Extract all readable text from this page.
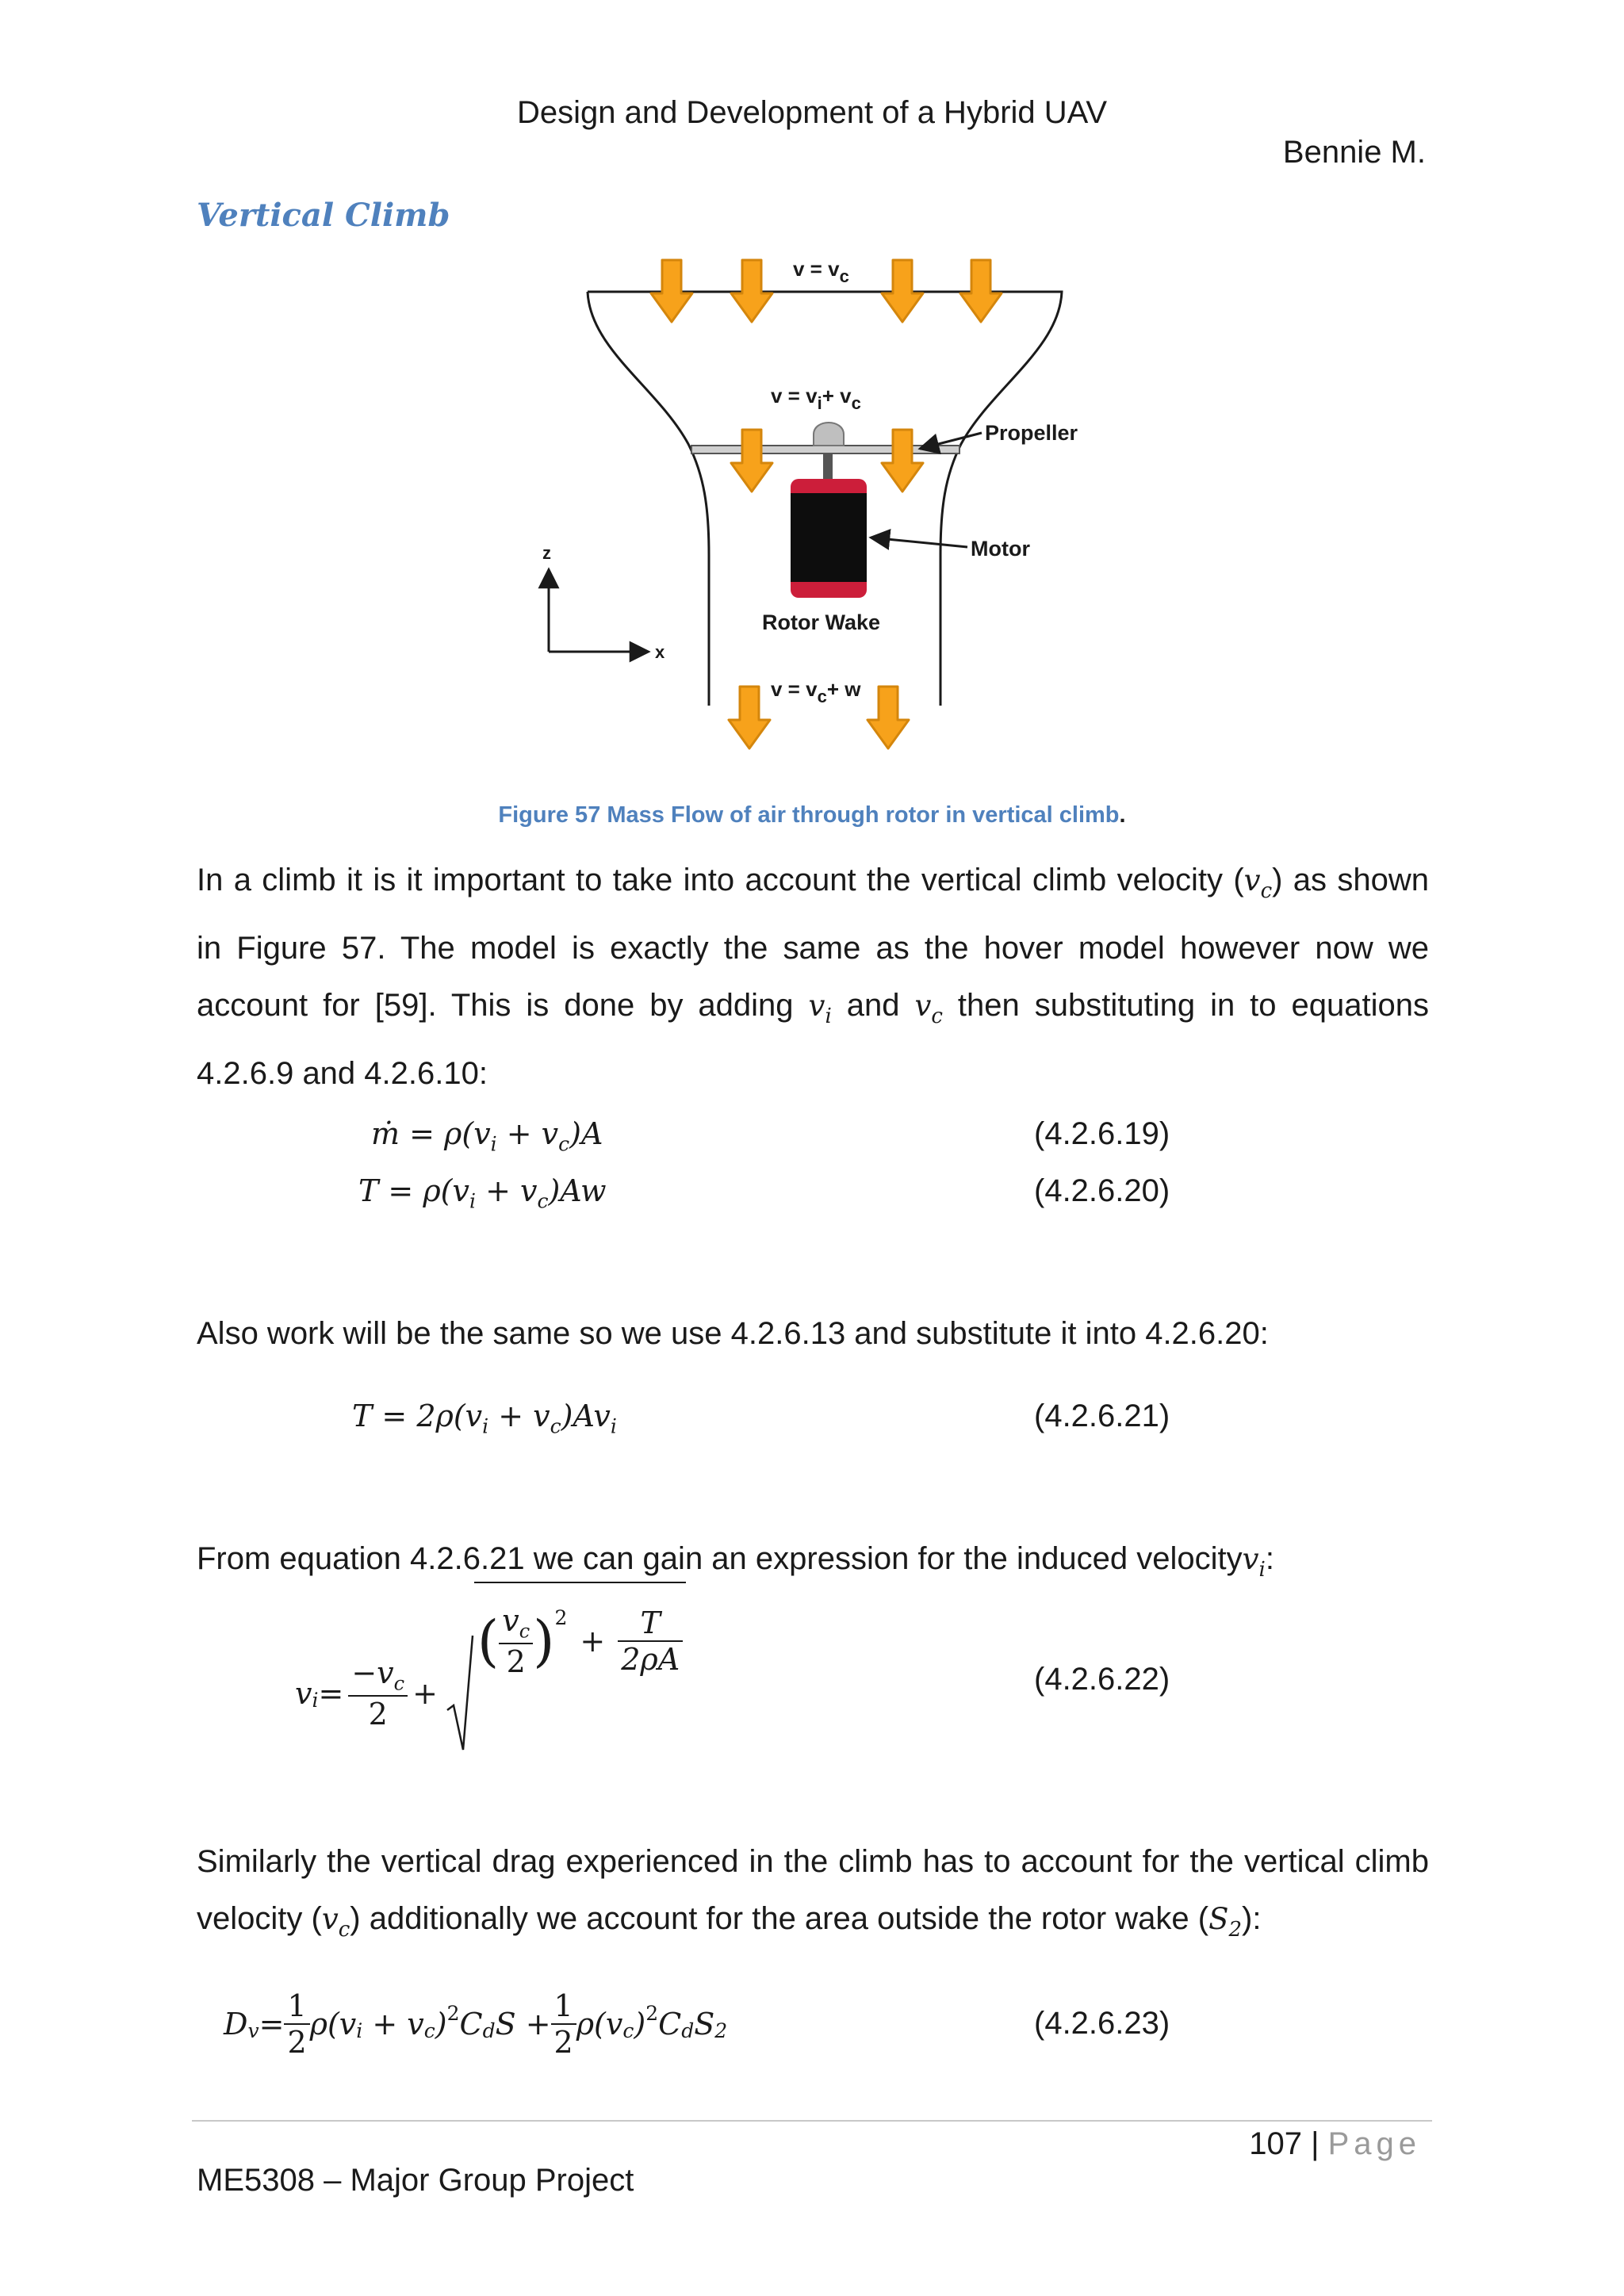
Design and Development of a Hybrid UAV
Bennie M.
Vertical Climb
$v = v_c$
$v = v_i+ v_c$
Propeller
Motor
Rotor Wake
z
x
$v = v_c+ w$
Figure 57 Mass Flow of air through rotor in vertical climb.
In a climb it is it important to take into account the vertical climb velocity $(v_c)$ as shown in Figure 57. The model is exactly the same as the hover model however now we account for [59]. This is done by adding $v_i$ and $v_c$ then substituting in to equations 4.2.6.9 and 4.2.6.10:
ṁ = $\rho(v_i + v_c)A$	(4.2.6.19)
$T = \rho(v_i + v_c)Aw$	(4.2.6.20)
Also work will be the same so we use 4.2.6.13 and substitute it into 4.2.6.20:
$T = 2\rho(v_i + v_c)Av_i$	(4.2.6.21)
From equation 4.2.6.21 we can gain an expression for the induced velocityv$_i$:
$v_i = \frac{-v_c}{2}$ +
( $\frac{v_c}{2} )^2$
+ $\frac{T}{2\rho A}$
(4.2.6.22)
Similarly the vertical drag experienced in the climb has to account for the vertical climb velocity $(v_c)$ additionally we account for the area outside the rotor wake $(S_2)$:
$D_v = \frac{1}{2} \rho(v_i + v_c$ )$^2$ $C_d$ $S + \frac{1}{2} \rho(v_c$ )$^2$ $C_d$ $S_2$	(4.2.6.23)
107 | Page
ME5308 – Major Group Project
